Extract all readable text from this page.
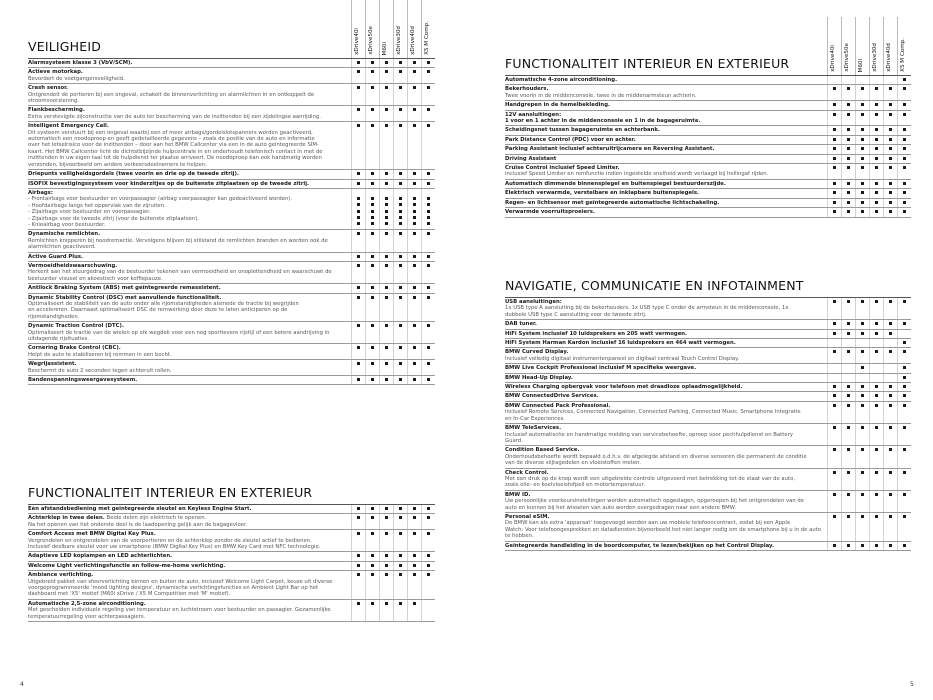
VEILIGHEID	xDrive40i xDrive50e M60i xDrive30d xDrive40d X5 M Comp.
Alarmsysteem klasse 3 (VbV/SCM).
Actieve motorkap.
Bevordert de voetgangersveiligheid.
Crash sensor.
Ontgrendelt de portieren bij een ongeval, schakelt de binnenverlichting en alarmlichten in en ontkoppelt de
stroomvoorziening.
Flankbescherming.
Extra verstevigde zijconstructie van de auto ter bescherming van de inzittenden bij een zijdelingse aanrijding.
Intelligent Emergency Call.
Dit systeem verstuurt bij een ongeval waarbij een of meer airbags/gordelslotspanners worden geactiveerd,
automatisch een noodoproep en geeft gedetailleerde gegevens – zoals de positie van de auto en informatie
over het letselrisico voor de inzittenden – door aan het BMW Callcenter via een in de auto geïntegreerde SIM-
kaart. Het BMW Callcenter licht de dichtstbijzijnde hulpcentrale in en onderhoudt telefonisch contact in met de
inzittenden in uw eigen taal tot de hulpdienst ter plaatse arriveert. De noodoproep kan ook handmatig worden
verzonden, bijvoorbeeld om andere verkeersdeelnemers te helpen.
Driepunts veiligheidsgordels (twee voorin en drie op de tweede zitrij).
ISOFIX bevestigingssysteem voor kinderzitjes op de buitenste zitplaatsen op de tweede zitrij.
Airbags:
- Frontairbags voor bestuurder en voorpassagier (airbag voorpassagier kan gedeactiveerd worden).
- Hoofdairbags langs het oppervlak van de zijruiten.
- Zijairbags voor bestuurder en voorpassagier.
- Zijairbags voor de tweede zitrij (voor de buitenste zitplaatsen).
- Knieairbag voor bestuurder.
Dynamische remlichten.
Remlichten knipperen bij noodremactie. Vervolgens blijven bij stilstand de remlichten branden en worden ook de
alarmlichten geactiveerd.
Active Guard Plus.
Vermoeidheidswaarschuwing.
Herkent aan het stuurgedrag van de bestuurder tekenen van vermoeidheid en onoplettendheid en waarschuwt de
bestuurder visueel en akoestisch voor koffiepauze.
Antilock Braking System (ABS) met geïntegreerde remassistent.
Dynamic Stability Control (DSC) met aanvullende functionaliteit.
Optimaliseert de stabiliteit van de auto onder alle rijomstandigheden alsmede de tractie bij wegrijden
en accelereren. Daarnaast optimaliseert DSC de remwerking door deze te laten anticiperen op de
rijomstandigheden.
Dynamic Traction Control (DTC).
Optimaliseert de tractie van de wielen op elk wegdek voor een nog sportievere rijstijl of een betere aandrijving in
uitdagende rijsituaties.
Cornering Brake Control (CBC).
Helpt de auto te stabiliseren bij remmen in een bocht.
Wegrijassistent.
Beschermt de auto 2 seconden tegen achteruit rollen.
Bandenspanningsweergavesysteem.
FUNCTIONALITEIT INTERIEUR EN EXTERIEUR
Eén afstandsbediening met geïntegreerde sleutel en Keyless Engine Start.
Achterklep in twee delen. Beide delen zijn elektrisch te openen.
Na het openen van het onderste deel is de laadopening gelijk aan de bagagevloer.
Comfort Access met BMW Digital Key Plus.
Vergrendelen en ontgrendelen van de voorportieren en de achterklep zonder de sleutel actief te bedienen.
Inclusief deelbare sleutel voor uw smartphone (BMW Digital Key Plus) en BMW Key Card met NFC technologie.
Adaptieve LED koplampen en LED achterlichten.
Welcome Light verlichtingsfunctie en follow-me-home verlichting.
Ambiance verlichting.
Uitgebreid pakket van sfeerverlichting binnen en buiten de auto, inclusief Welcome Light Carpet, keuze uit diverse
voorgeprogrammeerde 'mood lighting designs', dynamische verlichtingsfuncties en Ambient Light Bar op het
dashboard met 'X5' motief (M60i xDrive / X5 M Competition met 'M' motief).
Automatische 2,5-zone airconditioning.
Met gescheiden individuele regeling van temperatuur en luchtstroom voor bestuurder en passagier. Gezamenlijke
temperatuurregeling voor achterpassagiers.
4
FUNCTIONALITEIT INTERIEUR EN EXTERIEUR	xDrive40i xDrive50e M60i xDrive30d xDrive40d X5 M Comp.
Automatische 4-zone airconditioning.
Bekerhouders.
Twee voorin in de middenconsole, twee in de middenarmsteun achterin.
Handgrepen in de hemelbekleding.
12V aansluitingen:
1 voor en 1 achter in de middenconsole en 1 in de bagageruimte.
Scheidingsnet tussen bagageruimte en achterbank.
Park Distance Control (PDC) voor en achter.
Parking Assistant inclusief achteruitrijcamera en Reversing Assistant.
Driving Assistant
Cruise Control inclusief Speed Limiter.
Inclusief Speed Limiter en remfunctie indien ingestelde snelheid wordt verlaagd bij hellingaf rijden.
Automatisch dimmende binnenspiegel en buitenspiegel bestuurderszijde.
Elektrisch verwarmde, verstelbare en inklapbare buitenspiegels.
Regen- en lichtsensor met geïntegreerde automatische lichtschakeling.
Verwarmde voorruitsproeiers.
NAVIGATIE, COMMUNICATIE EN INFOTAINMENT
USB aansluitingen:
1x USB type A aansluiting bij de bekerhouders, 1x USB type C onder de armsteun in de middenconsole, 1x
dubbele USB type C aansluiting voor de tweede zitrij.
DAB tuner.
HiFi System inclusief 10 luidsprekers en 205 watt vermogen.
HiFi System Harman Kardon inclusief 16 luidsprekers en 464 watt vermogen.
BMW Curved Display.
Inclusief volledig digitaal instrumentenpaneel en digitaal centraal Touch Control Display.
BMW Live Cockpit Professional inclusief M specifieke weergave.
BMW Head-Up Display.
Wireless Charging opbergvak voor telefoon met draadloze oplaadmogelijkheid.
BMW ConnectedDrive Services.
BMW Connected Pack Professional.
Inclusief Remote Services, Connected Navigation, Connected Parking, Connected Music, Smartphone Integratie
en In-Car Experiences.
BMW TeleServices.
Inclusief automatische en handmatige melding van servicebehoefte, oproep voor pechhulpdienst en Battery
Guard.
Condition Based Service.
Onderhoudsbehoefte wordt bepaald o.d.h.v. de afgelegde afstand en diverse sensoren die permanent de conditie
van de diverse slijtagedelen en vloeistoffen meten.
Check Control.
Met een druk op de knop wordt een uitgebreide controle uitgevoerd met betrekking tot de staat van de auto,
zoals olie- en koelvloeistofpeil en motortemperatuur.
BMW ID.
Uw persoonlijke voorkeursinstellingen worden automatisch opgeslagen, opgeroepen bij het ontgrendelen van de
auto en kunnen bij het wisselen van auto worden overgedragen naar een andere BMW.
Personal eSIM.
De BMW kan als extra 'apparaat' toegevoegd worden aan uw mobiele telefooncontract, zodat bij een Apple
Watch: Voor telefoongesprekken en datadiensten bijvoorbeeld het niet langer nodig om de smartphone bij u in de auto
te hebben.
Geïntegreerde handleiding in de boordcomputer, te lezen/bekijken op het Control Display.
5
